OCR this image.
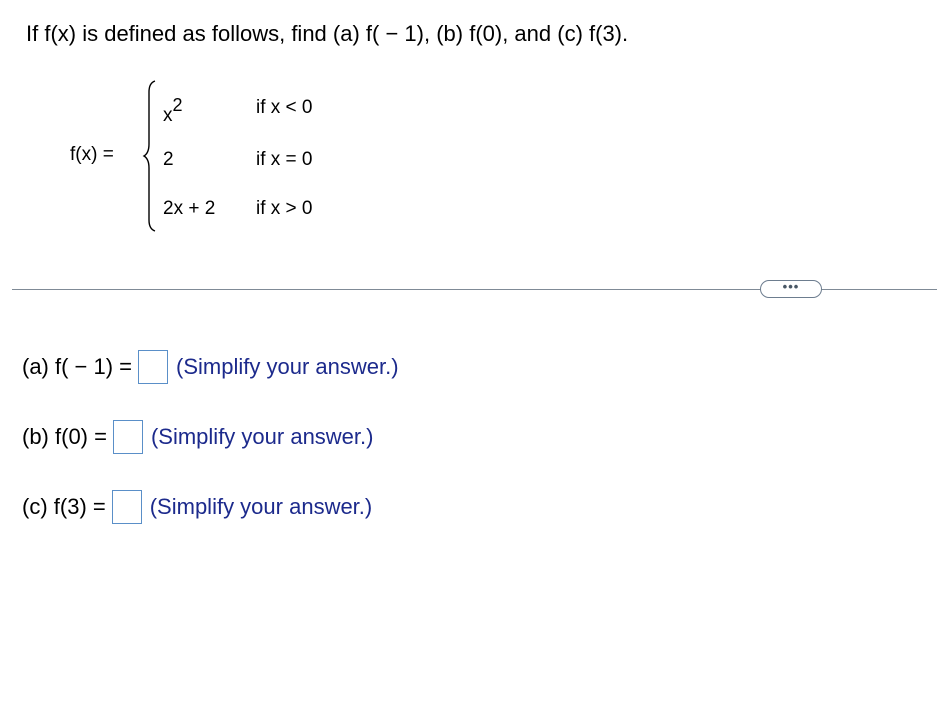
If f(x) is defined as follows, find (a) f( − 1), (b) f(0), and (c) f(3).
f(x) =
$x^2$	if x < 0
2	if x = 0
2x + 2 if x > 0
•••
(a) f( − 1) = (Simplify your answer.)
(b) f(0) = (Simplify your answer.)
(c) f(3) = (Simplify your answer.)
